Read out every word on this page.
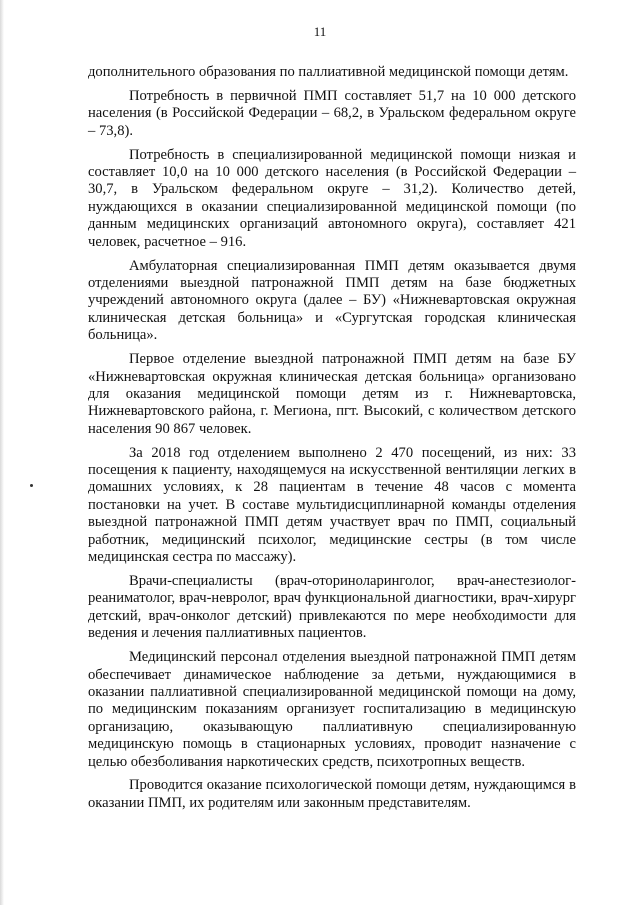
11

дополнительного образования по паллиативной медицинской помощи детям.

Потребность в первичной ПМП составляет 51,7 на 10 000 детского населения (в Российской Федерации – 68,2, в Уральском федеральном округе – 73,8).

Потребность в специализированной медицинской помощи низкая и составляет 10,0 на 10 000 детского населения (в Российской Федерации – 30,7, в Уральском федеральном округе – 31,2). Количество детей, нуждающихся в оказании специализированной медицинской помощи (по данным медицинских организаций автономного округа), составляет 421 человек, расчетное – 916.

Амбулаторная специализированная ПМП детям оказывается двумя отделениями выездной патронажной ПМП детям на базе бюджетных учреждений автономного округа (далее – БУ) «Нижневартовская окружная клиническая детская больница» и «Сургутская городская клиническая больница».

Первое отделение выездной патронажной ПМП детям на базе БУ «Нижневартовская окружная клиническая детская больница» организовано для оказания медицинской помощи детям из г. Нижневартовска, Нижневартовского района, г. Мегиона, пгт. Высокий, с количеством детского населения 90 867 человек.

За 2018 год отделением выполнено 2 470 посещений, из них: 33 посещения к пациенту, находящемуся на искусственной вентиляции легких в домашних условиях, к 28 пациентам в течение 48 часов с момента постановки на учет. В составе мультидисциплинарной команды отделения выездной патронажной ПМП детям участвует врач по ПМП, социальный работник, медицинский психолог, медицинские сестры (в том числе медицинская сестра по массажу).

Врачи-специалисты (врач-оториноларинголог, врач-анестезиолог-реаниматолог, врач-невролог, врач функциональной диагностики, врач-хирург детский, врач-онколог детский) привлекаются по мере необходимости для ведения и лечения паллиативных пациентов.

Медицинский персонал отделения выездной патронажной ПМП детям обеспечивает динамическое наблюдение за детьми, нуждающимися в оказании паллиативной специализированной медицинской помощи на дому, по медицинским показаниям организует госпитализацию в медицинскую организацию, оказывающую паллиативную специализированную медицинскую помощь в стационарных условиях, проводит назначение с целью обезболивания наркотических средств, психотропных веществ.

Проводится оказание психологической помощи детям, нуждающимся в оказании ПМП, их родителям или законным представителям.
